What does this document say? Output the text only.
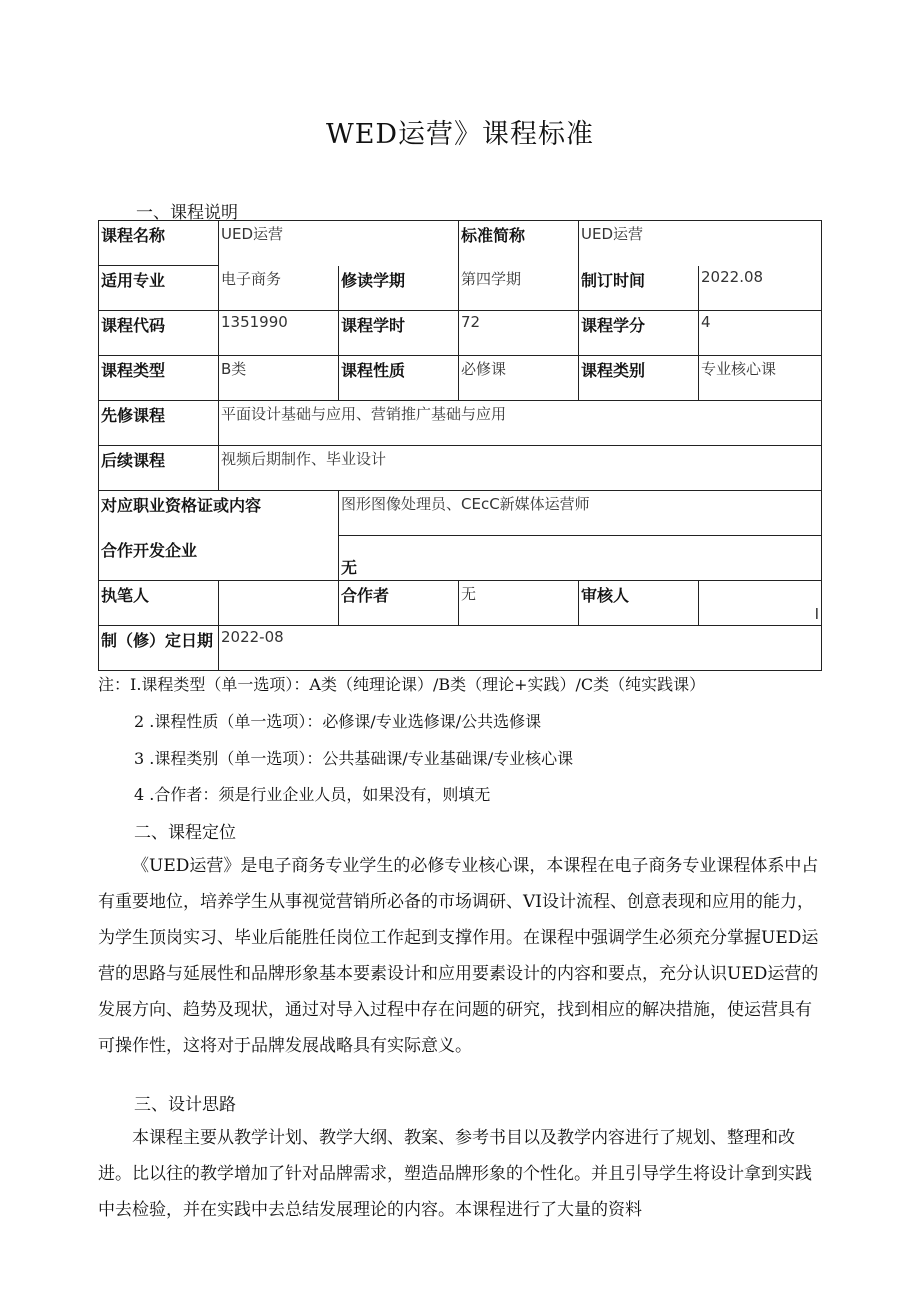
WED运营》课程标准
一、课程说明
课程名称	UED运营		标准简称	UED运营	
适用专业	电子商务	修读学期	第四学期	制订时间	2022.08
课程代码	1351990	课程学时	72	课程学分	4
课程类型	B类	课程性质	必修课	课程类别	专业核心课
先修课程	平面设计基础与应用、营销推广基础与应用				
后续课程	视频后期制作、毕业设计				
对应职业资格证或内容		图形图像处理员、CEcC新媒体运营师			
合作开发企业		无			
执笔人		合作者	无	审核人	I
制（修）定日期	2022-08				
注：I.课程类型（单一选项）：A类（纯理论课）/B类（理论+实践）/C类（纯实践课）
2 .课程性质（单一选项）：必修课/专业选修课/公共选修课
3 .课程类别（单一选项）：公共基础课/专业基础课/专业核心课
4 .合作者：须是行业企业人员，如果没有，则填无
二、课程定位

《UED运营》是电子商务专业学生的必修专业核心课，本课程在电子商务专业课程体系中占有重要地位，培养学生从事视觉营销所必备的市场调研、VI设计流程、创意表现和应用的能力，为学生顶岗实习、毕业后能胜任岗位工作起到支撑作用。在课程中强调学生必须充分掌握UED运营的思路与延展性和品牌形象基本要素设计和应用要素设计的内容和要点，充分认识UED运营的发展方向、趋势及现状，通过对导入过程中存在问题的研究，找到相应的解决措施，使运营具有可操作性，这将对于品牌发展战略具有实际意义。

三、设计思路

本课程主要从教学计划、教学大纲、教案、参考书目以及教学内容进行了规划、整理和改进。比以往的教学增加了针对品牌需求，塑造品牌形象的个性化。并且引导学生将设计拿到实践中去检验，并在实践中去总结发展理论的内容。本课程进行了大量的资料
